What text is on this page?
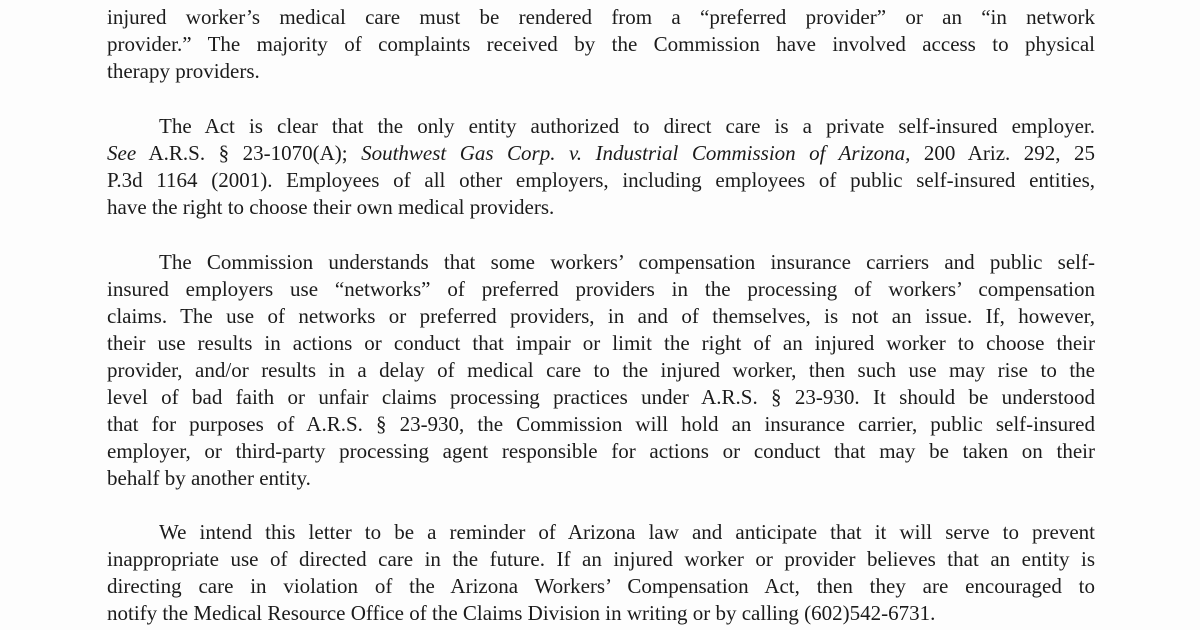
injured worker’s medical care must be rendered from a “preferred provider” or an “in network
provider.” The majority of complaints received by the Commission have involved access to physical
therapy providers.
The Act is clear that the only entity authorized to direct care is a private self-insured employer.
See A.R.S. § 23-1070(A); Southwest Gas Corp. v. Industrial Commission of Arizona, 200 Ariz. 292, 25
P.3d 1164 (2001). Employees of all other employers, including employees of public self-insured entities,
have the right to choose their own medical providers.
The Commission understands that some workers’ compensation insurance carriers and public self-
insured employers use “networks” of preferred providers in the processing of workers’ compensation
claims. The use of networks or preferred providers, in and of themselves, is not an issue. If, however,
their use results in actions or conduct that impair or limit the right of an injured worker to choose their
provider, and/or results in a delay of medical care to the injured worker, then such use may rise to the
level of bad faith or unfair claims processing practices under A.R.S. § 23-930. It should be understood
that for purposes of A.R.S. § 23-930, the Commission will hold an insurance carrier, public self-insured
employer, or third-party processing agent responsible for actions or conduct that may be taken on their
behalf by another entity.
We intend this letter to be a reminder of Arizona law and anticipate that it will serve to prevent
inappropriate use of directed care in the future. If an injured worker or provider believes that an entity is
directing care in violation of the Arizona Workers’ Compensation Act, then they are encouraged to
notify the Medical Resource Office of the Claims Division in writing or by calling (602)542-6731.
